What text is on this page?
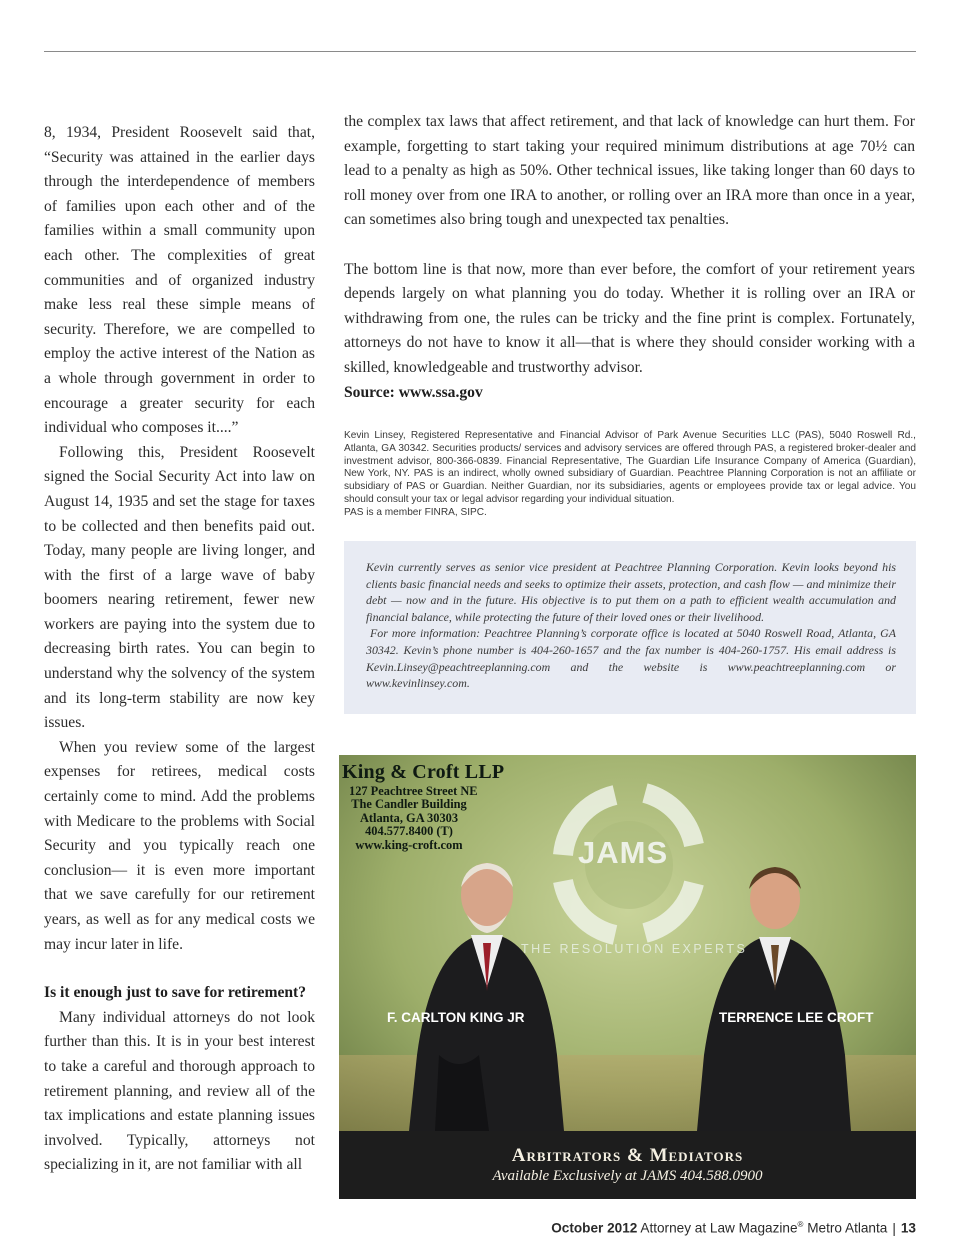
8, 1934, President Roosevelt said that, “Security was attained in the earlier days through the interdependence of members of families upon each other and of the families within a small community upon each other. The complexities of great communities and of organized industry make less real these simple means of security. Therefore, we are compelled to employ the active interest of the Nation as a whole through government in order to encourage a greater security for each individual who composes it....”

Following this, President Roosevelt signed the Social Security Act into law on August 14, 1935 and set the stage for taxes to be collected and then benefits paid out. Today, many people are living longer, and with the first of a large wave of baby boomers nearing retirement, fewer new workers are paying into the system due to decreasing birth rates. You can begin to understand why the solvency of the system and its long-term stability are now key issues.

When you review some of the largest expenses for retirees, medical costs certainly come to mind. Add the problems with Medicare to the problems with Social Security and you typically reach one conclusion— it is even more important that we save carefully for our retirement years, as well as for any medical costs we may incur later in life.

Is it enough just to save for retirement?

Many individual attorneys do not look further than this. It is in your best interest to take a careful and thorough approach to retirement planning, and review all of the tax implications and estate planning issues involved. Typically, attorneys not specializing in it, are not familiar with all

the complex tax laws that affect retirement, and that lack of knowledge can hurt them. For example, forgetting to start taking your required minimum distributions at age 70½ can lead to a penalty as high as 50%. Other technical issues, like taking longer than 60 days to roll money over from one IRA to another, or rolling over an IRA more than once in a year, can sometimes also bring tough and unexpected tax penalties.

The bottom line is that now, more than ever before, the comfort of your retirement years depends largely on what planning you do today. Whether it is rolling over an IRA or withdrawing from one, the rules can be tricky and the fine print is complex. Fortunately, attorneys do not have to know it all—that is where they should consider working with a skilled, knowledgeable and trustworthy advisor.

Source: www.ssa.gov

Kevin Linsey, Registered Representative and Financial Advisor of Park Avenue Securities LLC (PAS), 5040 Roswell Rd., Atlanta, GA 30342. Securities products/ services and advisory services are offered through PAS, a registered broker-dealer and investment advisor, 800-366-0839. Financial Representative, The Guardian Life Insurance Company of America (Guardian), New York, NY. PAS is an indirect, wholly owned subsidiary of Guardian. Peachtree Planning Corporation is not an affiliate or subsidiary of PAS or Guardian. Neither Guardian, nor its subsidiaries, agents or employees provide tax or legal advice. You should consult your tax or legal advisor regarding your individual situation.

PAS is a member FINRA, SIPC.

Kevin currently serves as senior vice president at Peachtree Planning Corporation. Kevin looks beyond his clients basic financial needs and seeks to optimize their assets, protection, and cash flow — and minimize their debt — now and in the future. His objective is to put them on a path to efficient wealth accumulation and financial balance, while protecting the future of their loved ones or their livelihood.

For more information: Peachtree Planning’s corporate office is located at 5040 Roswell Road, Atlanta, GA 30342. Kevin’s phone number is 404-260-1657 and the fax number is 404-260-1757. His email address is Kevin.Linsey@peachtreeplanning.com and the website is www.peachtreeplanning.com or www.kevinlinsey.com.

King & Croft LLP
127 Peachtree Street NE
The Candler Building
Atlanta, GA 30303
404.577.8400 (T)
www.king-croft.com	JAMS
THE RESOLUTION EXPERTS
F. CARLTON KING JR	TERRENCE LEE CROFT
Arbitrators & Mediators
Available Exclusively at JAMS 404.588.0900
October 2012 Attorney at Law Magazine® Metro Atlanta | 13
